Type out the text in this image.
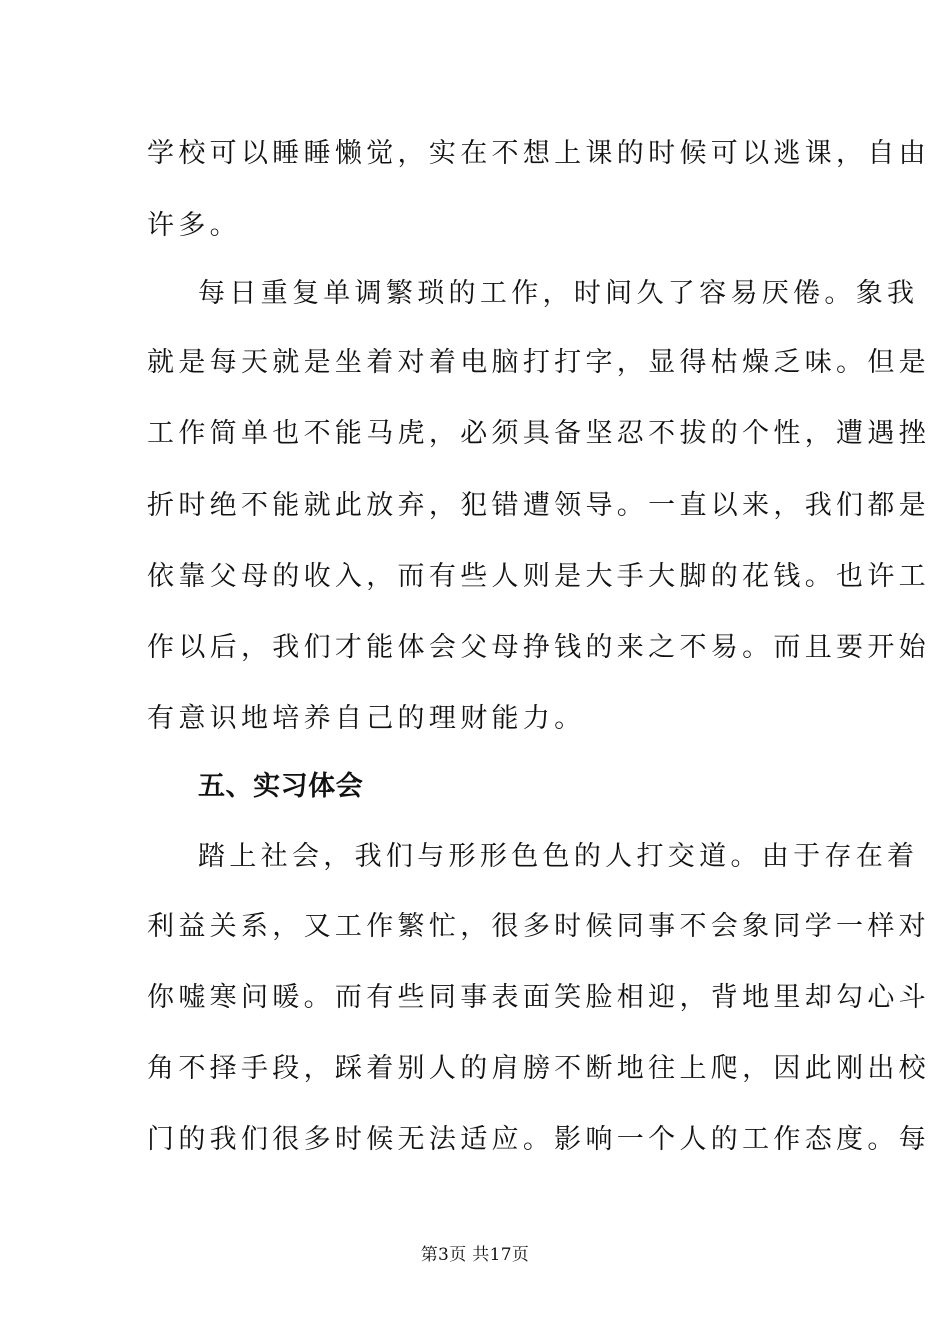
学校可以睡睡懒觉，实在不想上课的时候可以逃课，自由
许多。
每日重复单调繁琐的工作，时间久了容易厌倦。象我
就是每天就是坐着对着电脑打打字，显得枯燥乏味。但是
工作简单也不能马虎，必须具备坚忍不拔的个性，遭遇挫
折时绝不能就此放弃，犯错遭领导。一直以来，我们都是
依靠父母的收入，而有些人则是大手大脚的花钱。也许工
作以后，我们才能体会父母挣钱的来之不易。而且要开始
有意识地培养自己的理财能力。
五、实习体会
踏上社会，我们与形形色色的人打交道。由于存在着
利益关系，又工作繁忙，很多时候同事不会象同学一样对
你嘘寒问暖。而有些同事表面笑脸相迎，背地里却勾心斗
角不择手段，踩着别人的肩膀不断地往上爬，因此刚出校
门的我们很多时候无法适应。影响一个人的工作态度。每
第3页 共17页
